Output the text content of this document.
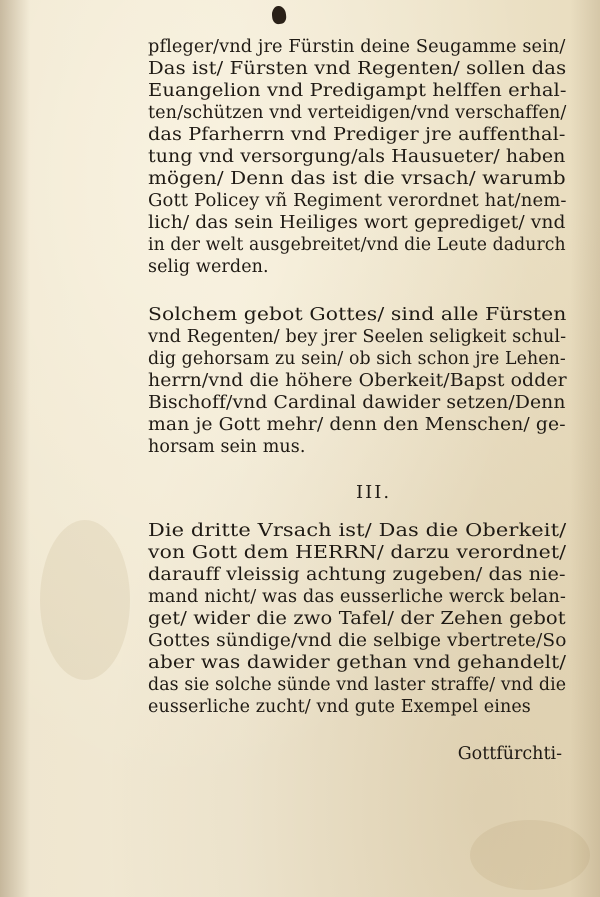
pfleger/vnd jre Fürstin deine Seugamme sein/
Das ist/ Fürsten vnd Regenten/ sollen das
Euangelion vnd Predigampt helffen erhal-
ten/schützen vnd verteidigen/vnd verschaffen/
das Pfarherrn vnd Prediger jre auffenthal-
tung vnd versorgung/als Hausueter/ haben
mögen/ Denn das ist die vrsach/ warumb
Gott Policey vñ Regiment verordnet hat/nem-
lich/ das sein Heiliges wort geprediget/ vnd
in der welt ausgebreitet/vnd die Leute dadurch
selig werden.
Solchem gebot Gottes/ sind alle Fürsten
vnd Regenten/ bey jrer Seelen seligkeit schul-
dig gehorsam zu sein/ ob sich schon jre Lehen-
herrn/vnd die höhere Oberkeit/Bapst odder
Bischoff/vnd Cardinal dawider setzen/Denn
man je Gott mehr/ denn den Menschen/ ge-
horsam sein mus.
III.
Die dritte Vrsach ist/ Das die Oberkeit/
von Gott dem HERRN/ darzu verordnet/
darauff vleissig achtung zugeben/ das nie-
mand nicht/ was das eusserliche werck belan-
get/ wider die zwo Tafel/ der Zehen gebot
Gottes sündige/vnd die selbige vbertrete/So
aber was dawider gethan vnd gehandelt/
das sie solche sünde vnd laster straffe/ vnd die
eusserliche zucht/ vnd gute Exempel eines
Gottfürchti-
